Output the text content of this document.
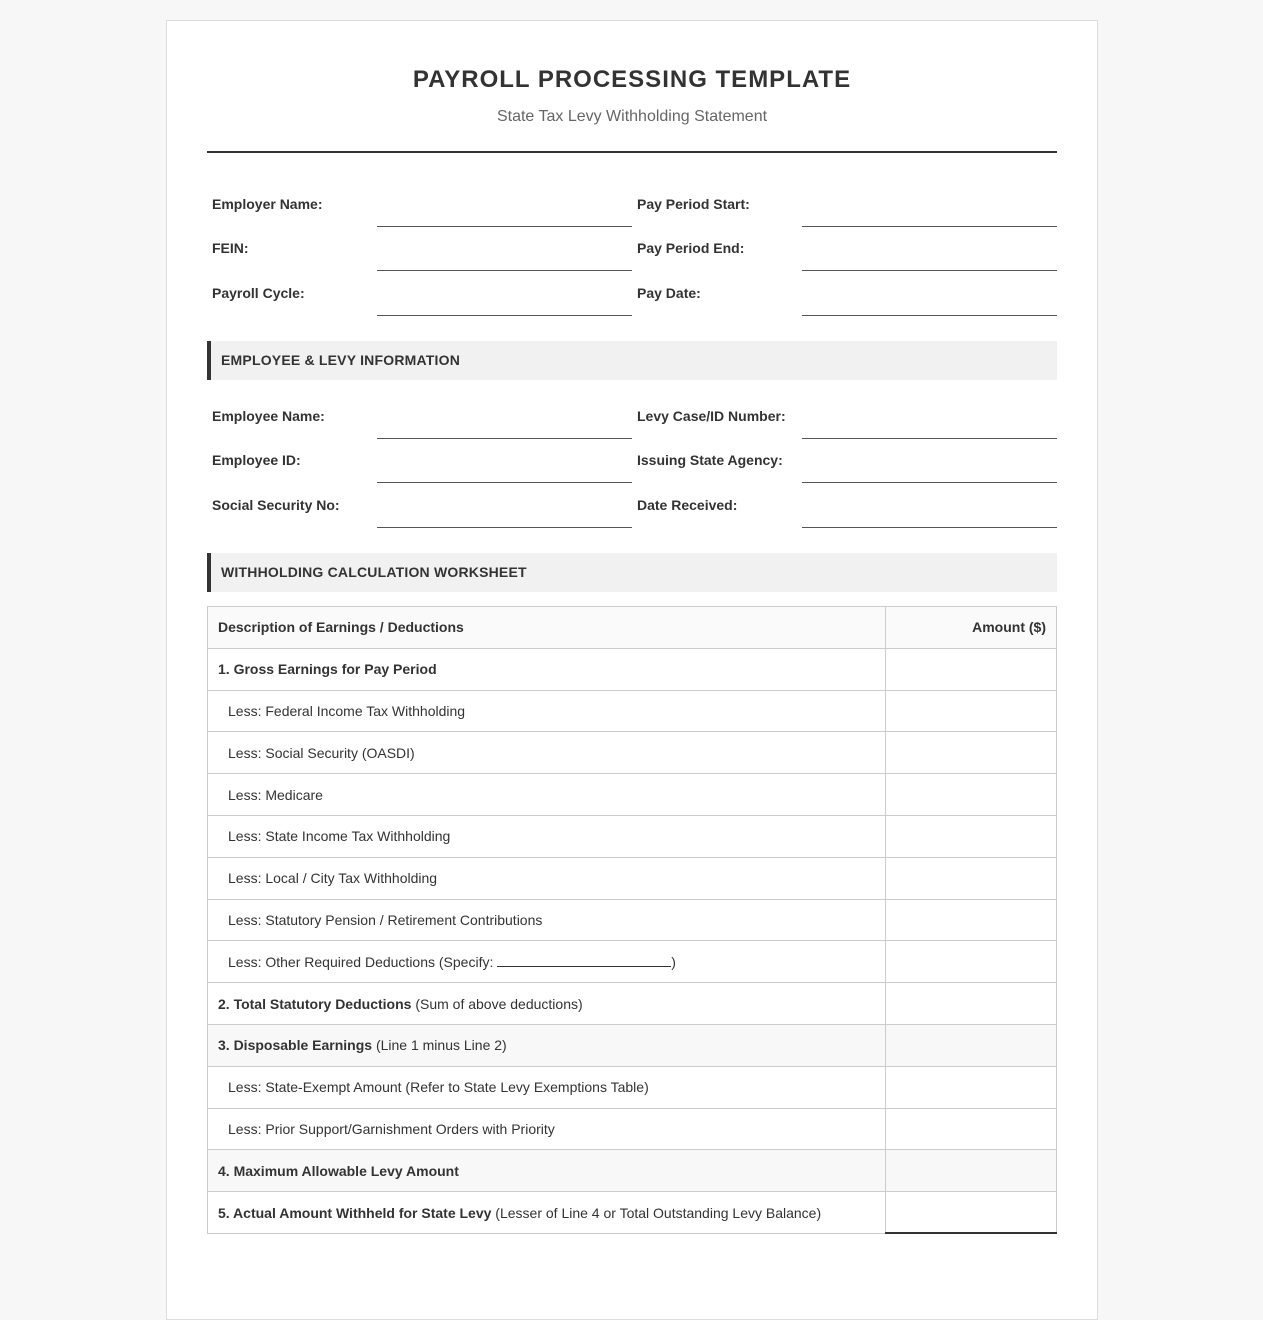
PAYROLL PROCESSING TEMPLATE
State Tax Levy Withholding Statement
Employer Name:
FEIN:
Payroll Cycle:
Pay Period Start:
Pay Period End:
Pay Date:
EMPLOYEE & LEVY INFORMATION
Employee Name:
Employee ID:
Social Security No:
Levy Case/ID Number:
Issuing State Agency:
Date Received:
WITHHOLDING CALCULATION WORKSHEET
Description of Earnings / Deductions	Amount ($)
1. Gross Earnings for Pay Period	
Less: Federal Income Tax Withholding	
Less: Social Security (OASDI)	
Less: Medicare	
Less: State Income Tax Withholding	
Less: Local / City Tax Withholding	
Less: Statutory Pension / Retirement Contributions	
Less: Other Required Deductions (Specify: )	
2. Total Statutory Deductions (Sum of above deductions)	
3. Disposable Earnings (Line 1 minus Line 2)	
Less: State-Exempt Amount (Refer to State Levy Exemptions Table)	
Less: Prior Support/Garnishment Orders with Priority	
4. Maximum Allowable Levy Amount	
5. Actual Amount Withheld for State Levy (Lesser of Line 4 or Total Outstanding Levy Balance)	
